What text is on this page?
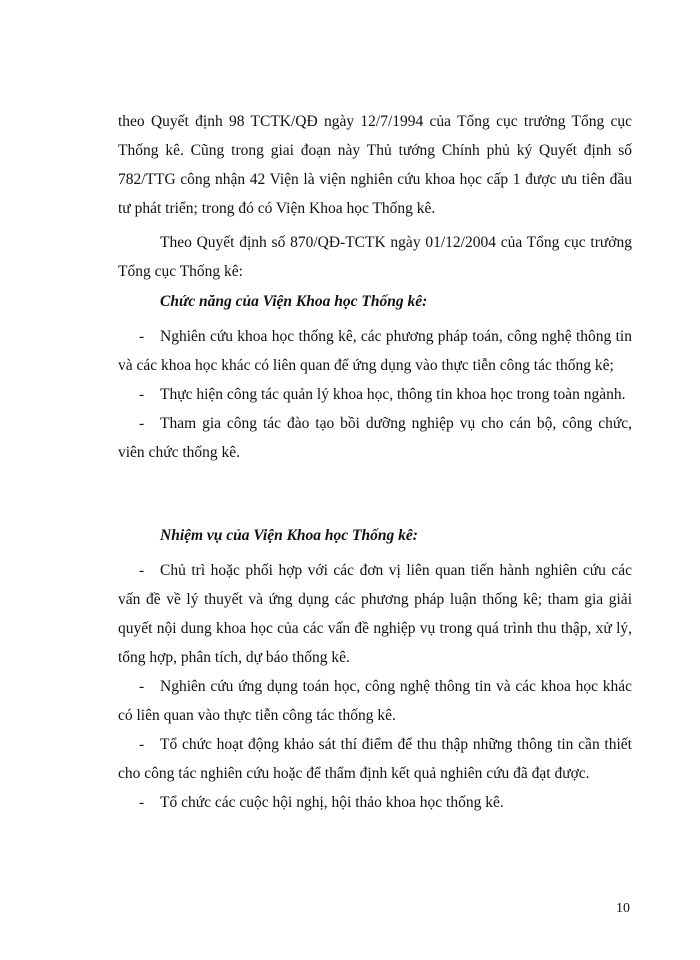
theo Quyết định 98 TCTK/QĐ ngày 12/7/1994 của Tổng cục trưởng Tổng cục Thống kê. Cũng trong giai đoạn này Thủ tướng Chính phủ ký Quyết định số 782/TTG công nhận 42 Viện là viện nghiên cứu khoa học cấp 1 được ưu tiên đầu tư phát triển; trong đó có Viện Khoa học Thống kê.

Theo Quyết định số 870/QĐ-TCTK ngày 01/12/2004 của Tổng cục trưởng Tổng cục Thống kê:

Chức năng của Viện Khoa học Thống kê:
- Nghiên cứu khoa học thống kê, các phương pháp toán, công nghệ thông tin và các khoa học khác có liên quan để ứng dụng vào thực tiễn công tác thống kê;
- Thực hiện công tác quản lý khoa học, thông tin khoa học trong toàn ngành.
- Tham gia công tác đào tạo bồi dưỡng nghiệp vụ cho cán bộ, công chức, viên chức thống kê.
Nhiệm vụ của Viện Khoa học Thống kê:
- Chủ trì hoặc phối hợp với các đơn vị liên quan tiến hành nghiên cứu các vấn đề về lý thuyết và ứng dụng các phương pháp luận thống kê; tham gia giải quyết nội dung khoa học của các vấn đề nghiệp vụ trong quá trình thu thập, xử lý, tổng hợp, phân tích, dự báo thống kê.
- Nghiên cứu ứng dụng toán học, công nghệ thông tin và các khoa học khác có liên quan vào thực tiễn công tác thống kê.
- Tổ chức hoạt động khảo sát thí điểm để thu thập những thông tin cần thiết cho công tác nghiên cứu hoặc để thẩm định kết quả nghiên cứu đã đạt được.
- Tổ chức các cuộc hội nghị, hội thảo khoa học thống kê.
10
